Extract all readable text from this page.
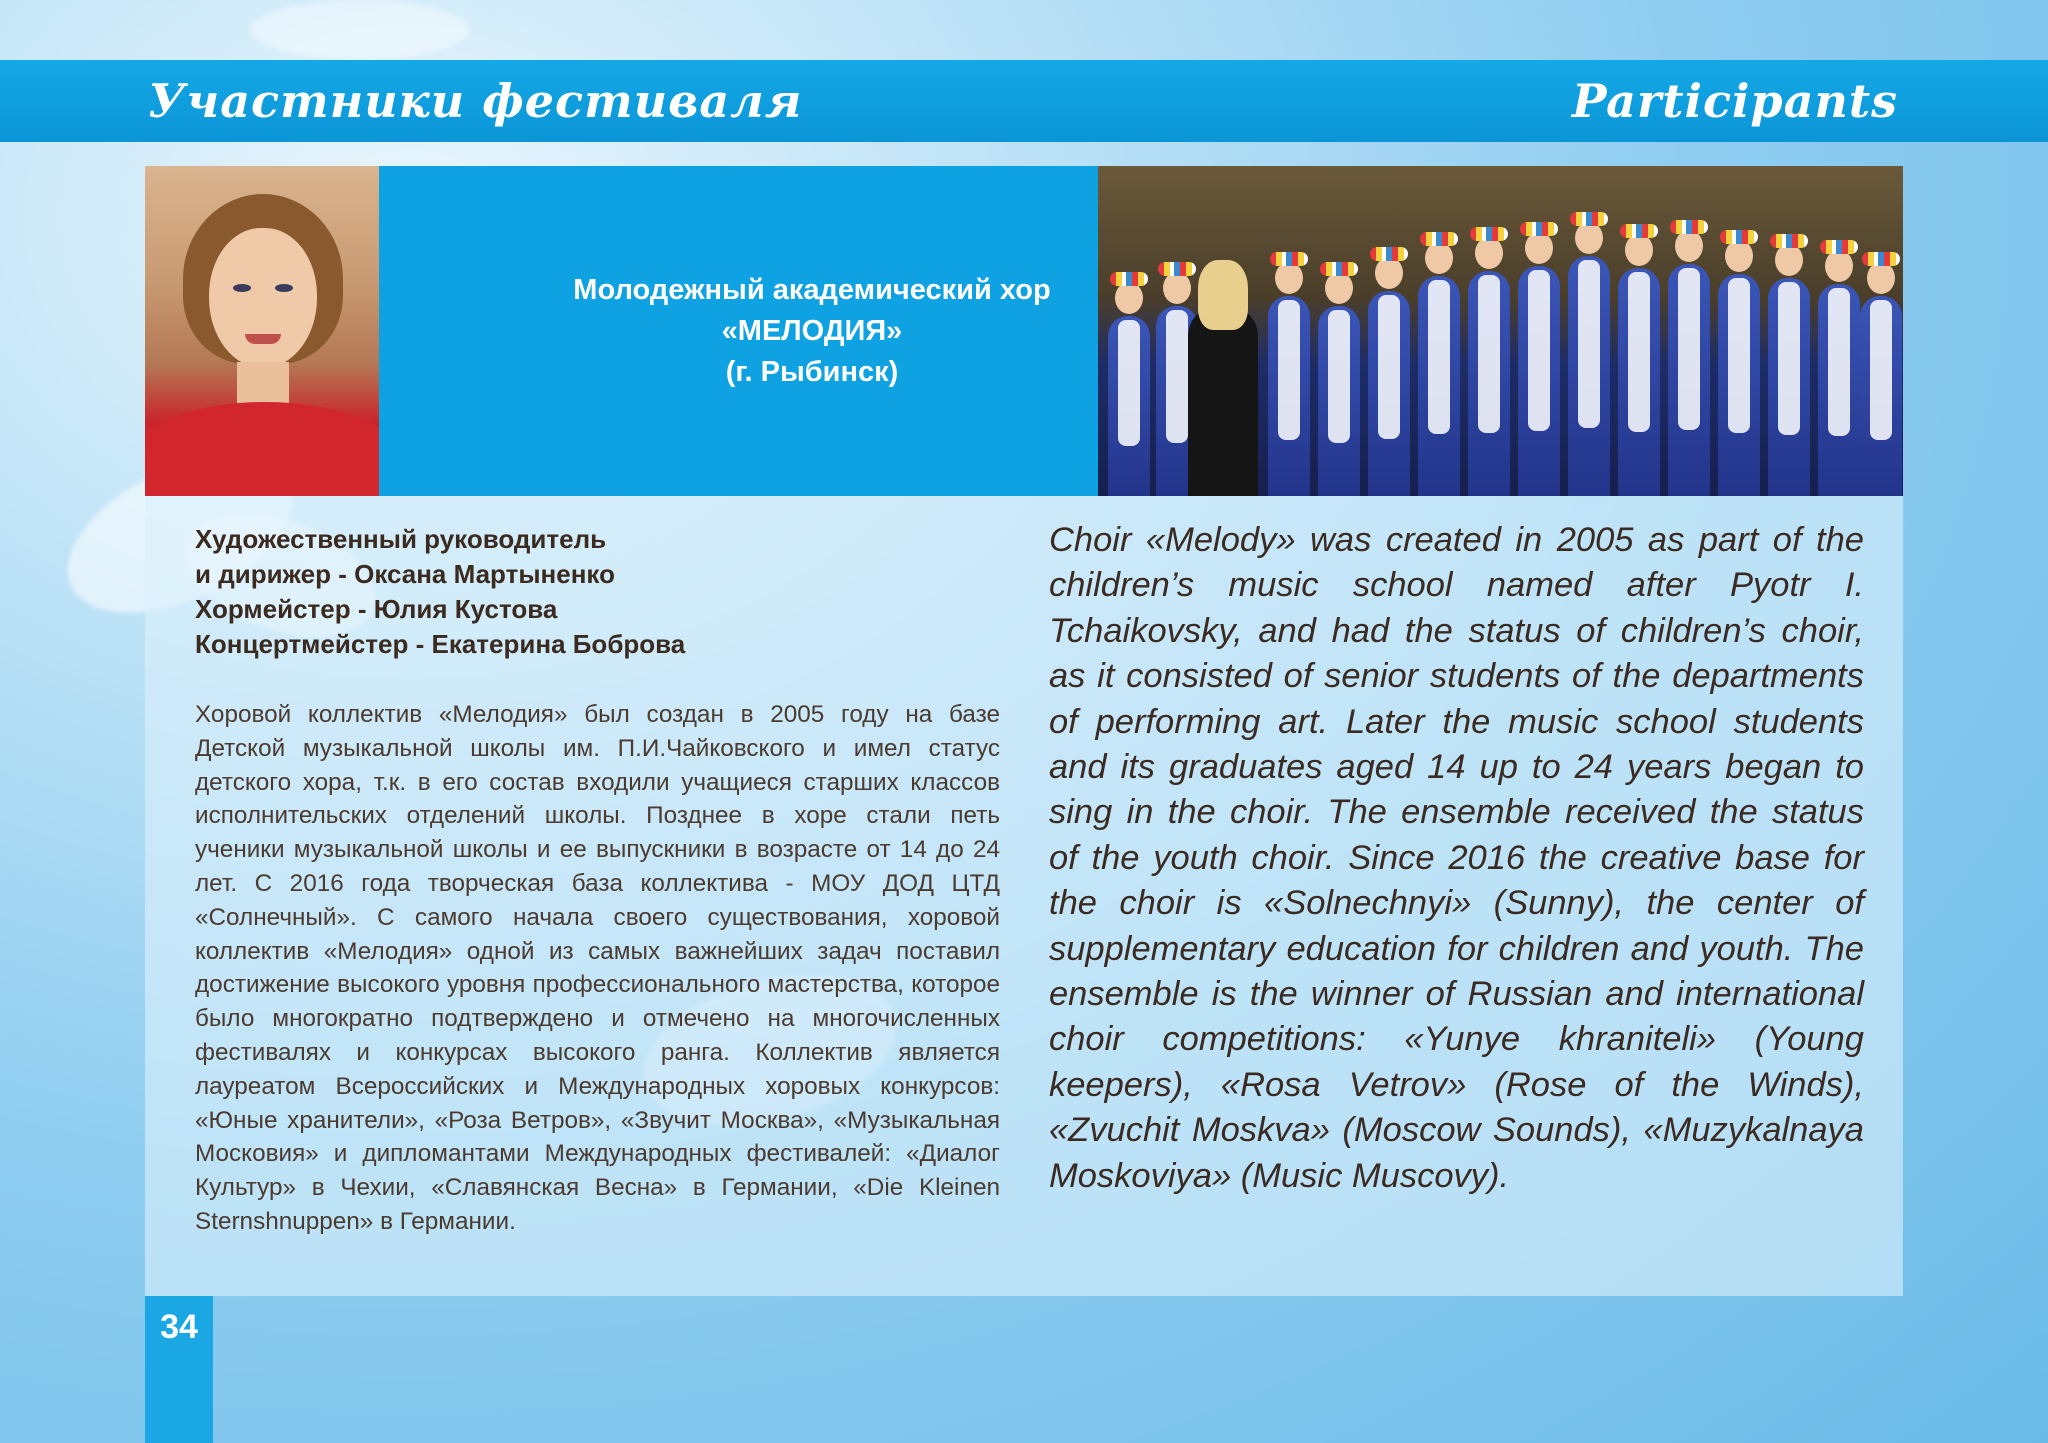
Участники фестиваля	Participants
Молодежный академический хор
«МЕЛОДИЯ»
(г. Рыбинск)
Художественный руководитель
и дирижер - Оксана Мартыненко
Хормейстер - Юлия Кустова
Концертмейстер - Екатерина Боброва

Хоровой коллектив «Мелодия» был создан в 2005 году на базе Детской музыкальной школы им. П.И.Чайковского и имел статус детского хора, т.к. в его состав входили учащиеся старших классов исполнительских отделений школы. Позднее в хоре стали петь ученики музыкальной школы и ее выпускники в возрасте от 14 до 24 лет. С 2016 года творческая база коллектива - МОУ ДОД ЦТД «Солнечный». С самого начала своего существования, хоровой коллектив «Мелодия» одной из самых важнейших задач поставил достижение высокого уровня профессионального мастерства, которое было многократно подтверждено и отмечено на многочисленных фестивалях и конкурсах высокого ранга. Коллектив является лауреатом Всероссийских и Международных хоровых конкурсов: «Юные хранители», «Роза Ветров», «Звучит Москва», «Музыкальная Московия» и дипломантами Международных фестивалей: «Диалог Культур» в Чехии, «Славянская Весна» в Германии, «Die Kleinen Sternshnuppen» в Германии.

Choir «Melody» was created in 2005 as part of the children’s music school named after Pyotr I. Tchaikovsky, and had the status of children’s choir, as it consisted of senior students of the departments of performing art. Later the music school students and its graduates aged 14 up to 24 years began to sing in the choir. The ensemble received the status of the youth choir. Since 2016 the creative base for the choir is «Solnechnyi» (Sunny), the center of supplementary education for children and youth. The ensemble is the winner of Russian and international choir competitions: «Yunye khraniteli» (Young keepers), «Rosa Vetrov» (Rose of the Winds), «Zvuchit Moskva» (Moscow Sounds), «Muzykalnaya Moskoviya» (Music Muscovy).

34
